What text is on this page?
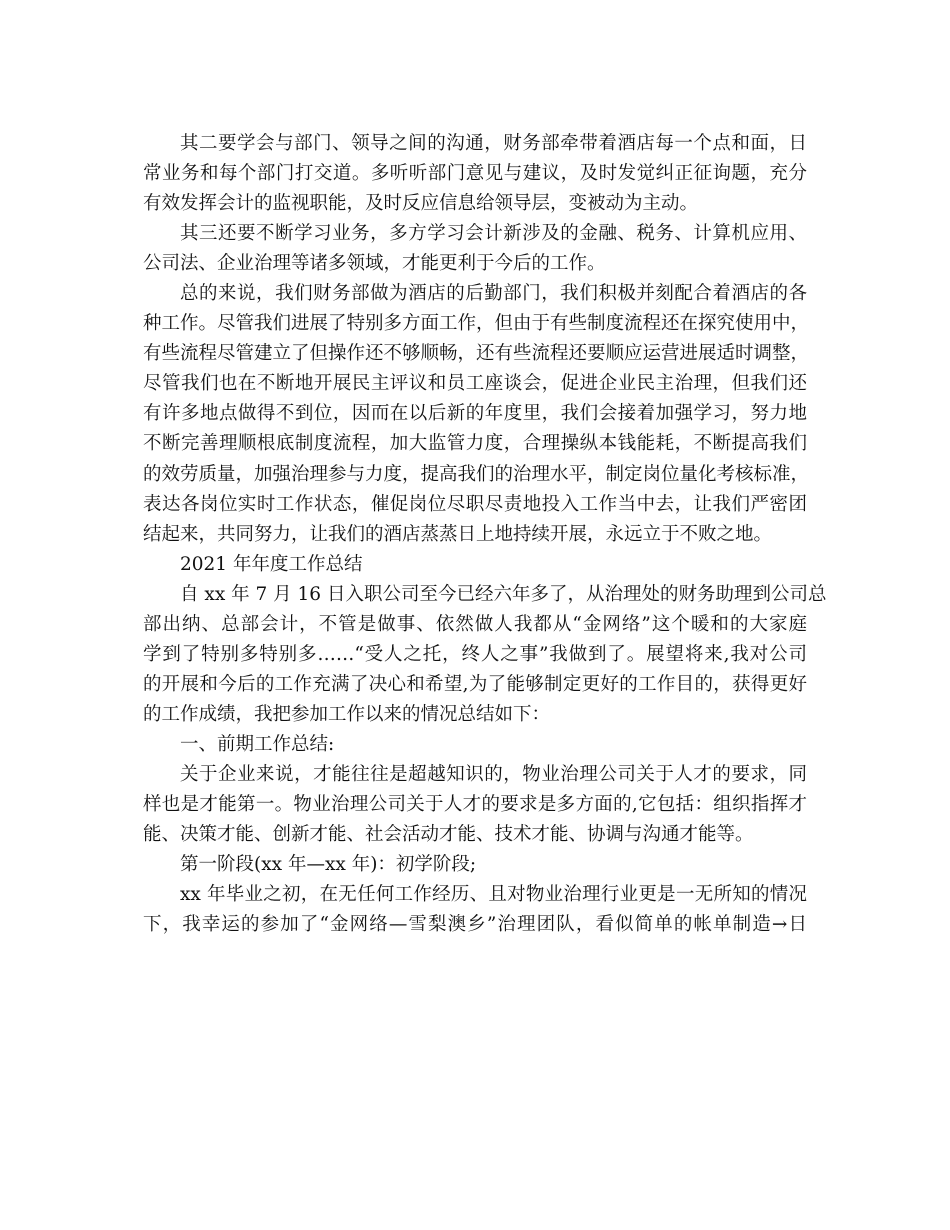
其二要学会与部门、领导之间的沟通，财务部牵带着酒店每一个点和面，日
常业务和每个部门打交道。多听听部门意见与建议，及时发觉纠正征询题，充分
有效发挥会计的监视职能，及时反应信息给领导层，变被动为主动。
其三还要不断学习业务，多方学习会计新涉及的金融、税务、计算机应用、
公司法、企业治理等诸多领域，才能更利于今后的工作。
总的来说，我们财务部做为酒店的后勤部门，我们积极并刻配合着酒店的各
种工作。尽管我们进展了特别多方面工作，但由于有些制度流程还在探究使用中，
有些流程尽管建立了但操作还不够顺畅，还有些流程还要顺应运营进展适时调整，
尽管我们也在不断地开展民主评议和员工座谈会，促进企业民主治理，但我们还
有许多地点做得不到位，因而在以后新的年度里，我们会接着加强学习，努力地
不断完善理顺根底制度流程，加大监管力度，合理操纵本钱能耗，不断提高我们
的效劳质量，加强治理参与力度，提高我们的治理水平，制定岗位量化考核标准，
表达各岗位实时工作状态，催促岗位尽职尽责地投入工作当中去，让我们严密团
结起来，共同努力，让我们的酒店蒸蒸日上地持续开展，永远立于不败之地。
2021 年年度工作总结
自 xx 年 7 月 16 日入职公司至今已经六年多了，从治理处的财务助理到公司总
部出纳、总部会计，不管是做事、依然做人我都从“金网络”这个暖和的大家庭
学到了特别多特别多……“受人之托，终人之事”我做到了。展望将来,我对公司
的开展和今后的工作充满了决心和希望,为了能够制定更好的工作目的，获得更好
的工作成绩，我把参加工作以来的情况总结如下：
一、前期工作总结:
关于企业来说，才能往往是超越知识的，物业治理公司关于人才的要求，同
样也是才能第一。物业治理公司关于人才的要求是多方面的,它包括：组织指挥才
能、决策才能、创新才能、社会活动才能、技术才能、协调与沟通才能等。
第一阶段(xx 年—xx 年)：初学阶段;
xx 年毕业之初，在无任何工作经历、且对物业治理行业更是一无所知的情况
下，我幸运的参加了“金网络—雪梨澳乡”治理团队，看似简单的帐单制造→日
